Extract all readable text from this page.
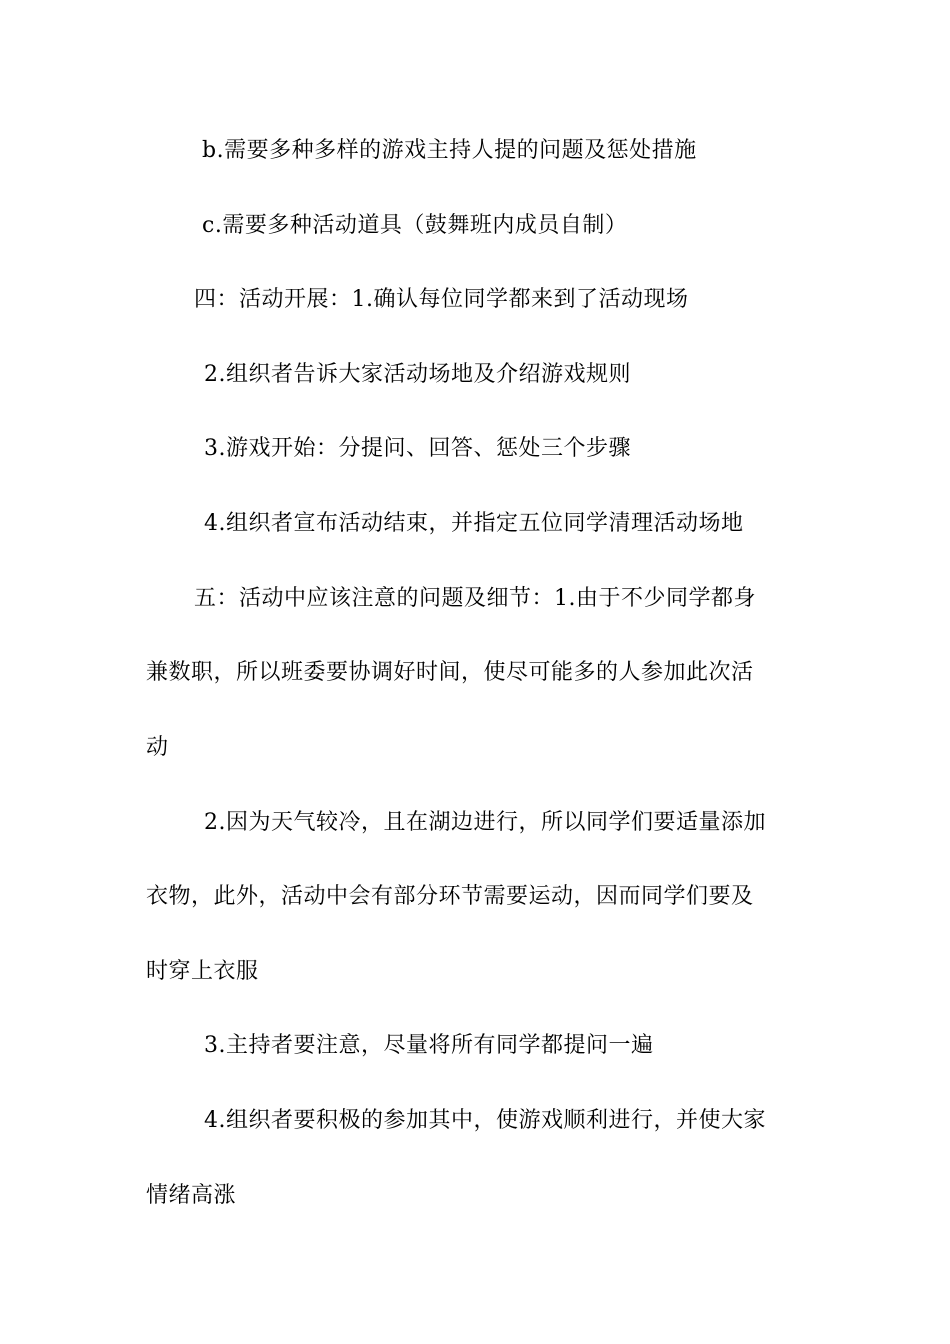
b.需要多种多样的游戏主持人提的问题及惩处措施
c.需要多种活动道具（鼓舞班内成员自制）
四：活动开展：1.确认每位同学都来到了活动现场
2.组织者告诉大家活动场地及介绍游戏规则
3.游戏开始：分提问、回答、惩处三个步骤
4.组织者宣布活动结束，并指定五位同学清理活动场地
五：活动中应该注意的问题及细节：1.由于不少同学都身
兼数职，所以班委要协调好时间，使尽可能多的人参加此次活
动
2.因为天气较冷，且在湖边进行，所以同学们要适量添加
衣物，此外，活动中会有部分环节需要运动，因而同学们要及
时穿上衣服
3.主持者要注意，尽量将所有同学都提问一遍
4.组织者要积极的参加其中，使游戏顺利进行，并使大家
情绪高涨
